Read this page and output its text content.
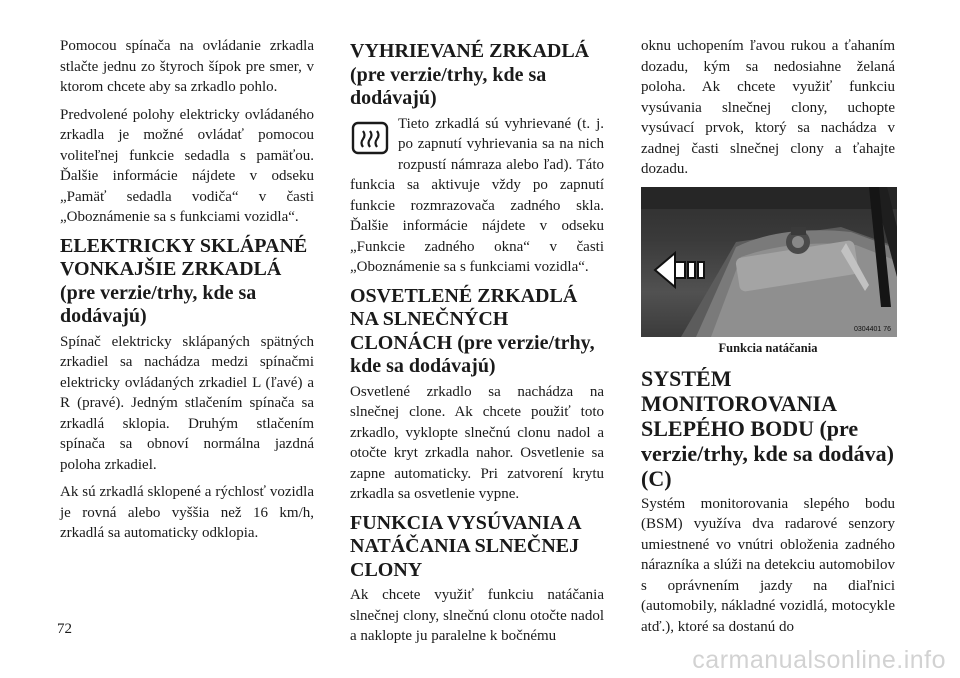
Pomocou spínača na ovládanie zrkadla stlačte jednu zo štyroch šípok pre smer, v ktorom chcete aby sa zrkadlo pohlo.

Predvolené polohy elektricky ovládaného zrkadla je možné ovládať pomocou voliteľnej funkcie sedadla s pamäťou. Ďalšie informácie nájdete v odseku „Pamäť sedadla vodiča“ v časti „Oboznámenie sa s funkciami vozidla“.

ELEKTRICKY SKLÁPANÉ VONKAJŠIE ZRKADLÁ (pre verzie/trhy, kde sa dodávajú)

Spínač elektricky sklápaných spätných zrkadiel sa nachádza medzi spínačmi elektricky ovládaných zrkadiel L (ľavé) a R (pravé). Jedným stlačením spínača sa zrkadlá sklopia. Druhým stlačením spínača sa obnoví normálna jazdná poloha zrkadiel.

Ak sú zrkadlá sklopené a rýchlosť vozidla je rovná alebo vyššia než 16 km/h, zrkadlá sa automaticky odklopia.

VYHRIEVANÉ ZRKADLÁ (pre verzie/trhy, kde sa dodávajú)

Tieto zrkadlá sú vyhrievané (t. j. po zapnutí vyhrievania sa na nich rozpustí námraza alebo ľad). Táto funkcia sa aktivuje vždy po zapnutí funkcie rozmrazovača zadného skla. Ďalšie informácie nájdete v odseku „Funkcie zadného okna“ v časti „Oboznámenie sa s funkciami vozidla“.

OSVETLENÉ ZRKADLÁ NA SLNEČNÝCH CLONÁCH (pre verzie/trhy, kde sa dodávajú)

Osvetlené zrkadlo sa nachádza na slnečnej clone. Ak chcete použiť toto zrkadlo, vyklopte slnečnú clonu nadol a otočte kryt zrkadla nahor. Osvetlenie sa zapne automaticky. Pri zatvorení krytu zrkadla sa osvetlenie vypne.

FUNKCIA VYSÚVANIA A NATÁČANIA SLNEČNEJ CLONY

Ak chcete využiť funkciu natáčania slnečnej clony, slnečnú clonu otočte nadol a naklopte ju paralelne k bočnému

oknu uchopením ľavou rukou a ťahaním dozadu, kým sa nedosiahne želaná poloha. Ak chcete využiť funkciu vysúvania slnečnej clony, uchopte vysúvací prvok, ktorý sa nachádza v zadnej časti slnečnej clony a ťahajte dozadu.

0304401 76
Funkcia natáčania
SYSTÉM MONITOROVANIA SLEPÉHO BODU (pre verzie/trhy, kde sa dodáva) (C)

Systém monitorovania slepého bodu (BSM) využíva dva radarové senzory umiestnené vo vnútri obloženia zadného nárazníka a slúži na detekciu automobilov s oprávnením jazdy na diaľnici (automobily, nákladné vozidlá, motocykle atď.), ktoré sa dostanú do

72
carmanualsonline.info
